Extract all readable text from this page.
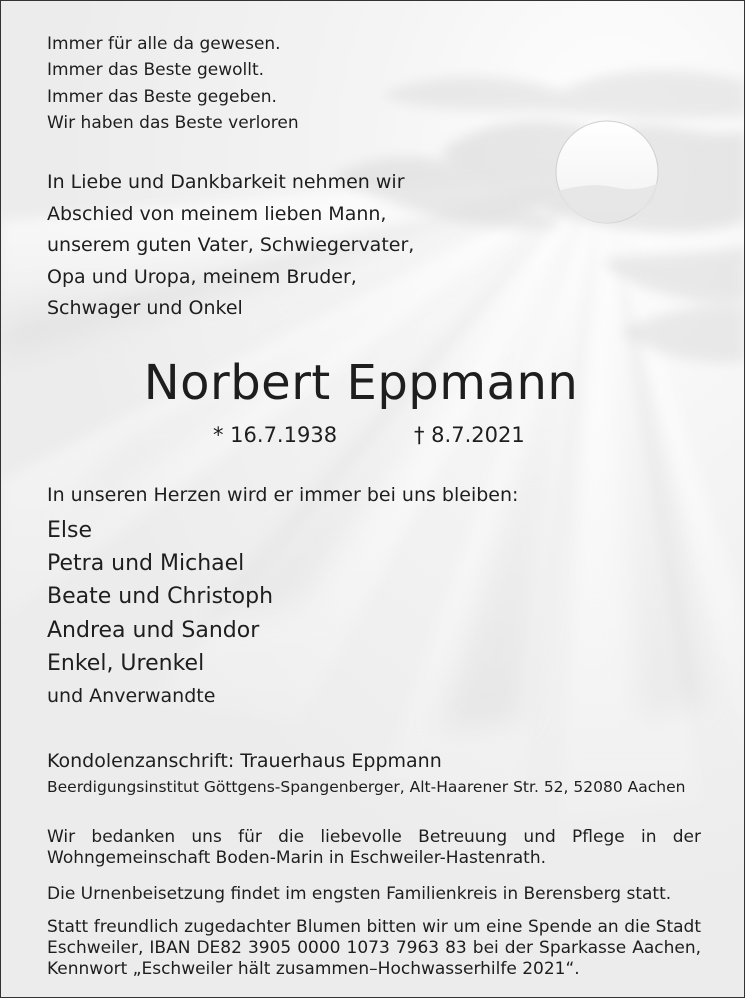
Immer für alle da gewesen.
Immer das Beste gewollt.
Immer das Beste gegeben.
Wir haben das Beste verloren
In Liebe und Dankbarkeit nehmen wir
Abschied von meinem lieben Mann,
unserem guten Vater, Schwiegervater,
Opa und Uropa, meinem Bruder,
Schwager und Onkel
Norbert Eppmann
* 16.7.1938	† 8.7.2021
In unseren Herzen wird er immer bei uns bleiben:
Else
Petra und Michael
Beate und Christoph
Andrea und Sandor
Enkel, Urenkel
und Anverwandte
Kondolenzanschrift: Trauerhaus Eppmann
Beerdigungsinstitut Göttgens-Spangenberger, Alt-Haarener Str. 52, 52080 Aachen
Wir bedanken uns für die liebevolle Betreuung und Pflege in der Wohngemeinschaft Boden-Marin in Eschweiler-Hastenrath.
Die Urnenbeisetzung findet im engsten Familienkreis in Berensberg statt.
Statt freundlich zugedachter Blumen bitten wir um eine Spende an die Stadt Eschweiler, IBAN DE82 3905 0000 1073 7963 83 bei der Sparkasse Aachen, Kennwort „Eschweiler hält zusammen–Hochwasserhilfe 2021“.
